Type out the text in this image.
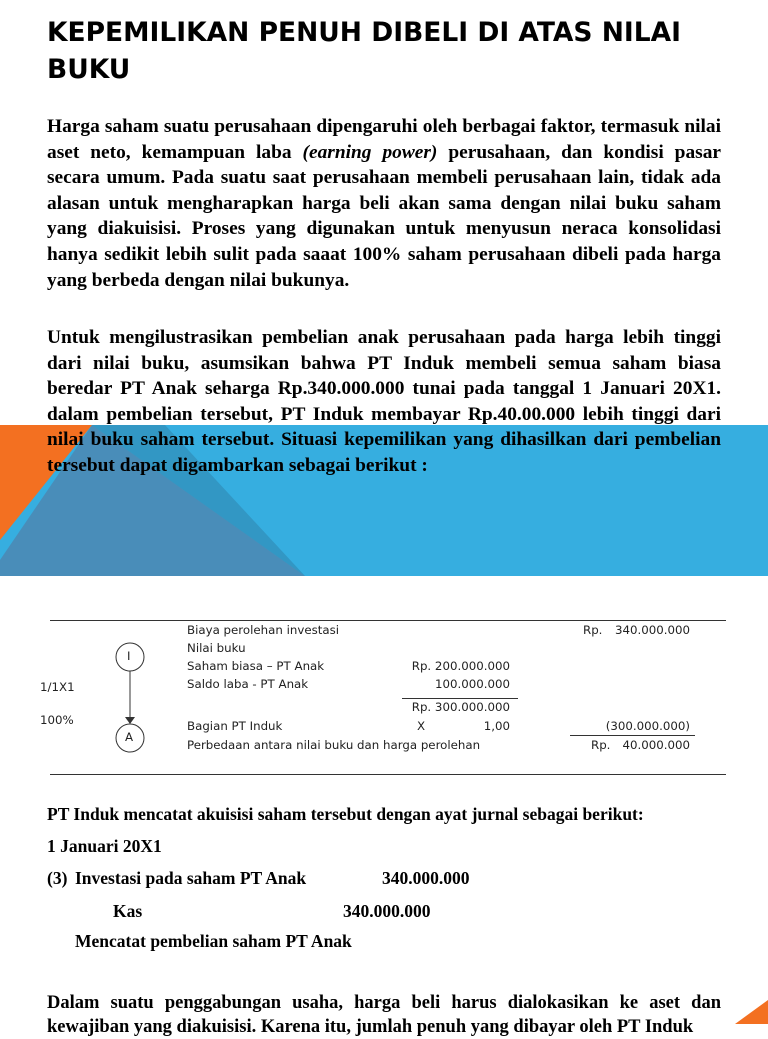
KEPEMILIKAN PENUH DIBELI DI ATAS NILAI BUKU

Harga saham suatu perusahaan dipengaruhi oleh berbagai faktor, termasuk nilai aset neto, kemampuan laba (earning power) perusahaan, dan kondisi pasar secara umum. Pada suatu saat perusahaan membeli perusahaan lain, tidak ada alasan untuk mengharapkan harga beli akan sama dengan nilai buku saham yang diakuisisi. Proses yang digunakan untuk menyusun neraca konsolidasi hanya sedikit lebih sulit pada saaat 100% saham perusahaan dibeli pada harga yang berbeda dengan nilai bukunya.

Untuk mengilustrasikan pembelian anak perusahaan pada harga lebih tinggi dari nilai buku, asumsikan bahwa PT Induk membeli semua saham biasa beredar PT Anak seharga Rp.340.000.000 tunai pada tanggal 1 Januari 20X1. dalam pembelian tersebut, PT Induk membayar Rp.40.00.000 lebih tinggi dari nilai buku saham tersebut. Situasi kepemilikan yang dihasilkan dari pembelian tersebut dapat digambarkan sebagai berikut :

I
A
1/1X1
100%
Biaya perolehan investasi	Rp.	340.000.000
Nilai buku
Saham biasa – PT Anak	Rp. 200.000.000
Saldo laba - PT Anak	100.000.000
Rp. 300.000.000
Bagian PT Induk	X	1,00	(300.000.000)
Perbedaan antara nilai buku dan harga perolehan	Rp.	40.000.000

PT Induk mencatat akuisisi saham tersebut dengan ayat jurnal sebagai berikut:

1 Januari 20X1

(3) Investasi pada saham PT Anak	340.000.000

Kas	340.000.000

Mencatat pembelian saham PT Anak

Dalam suatu penggabungan usaha, harga beli harus dialokasikan ke aset dan kewajiban yang diakuisisi. Karena itu, jumlah penuh yang dibayar oleh PT Induk
